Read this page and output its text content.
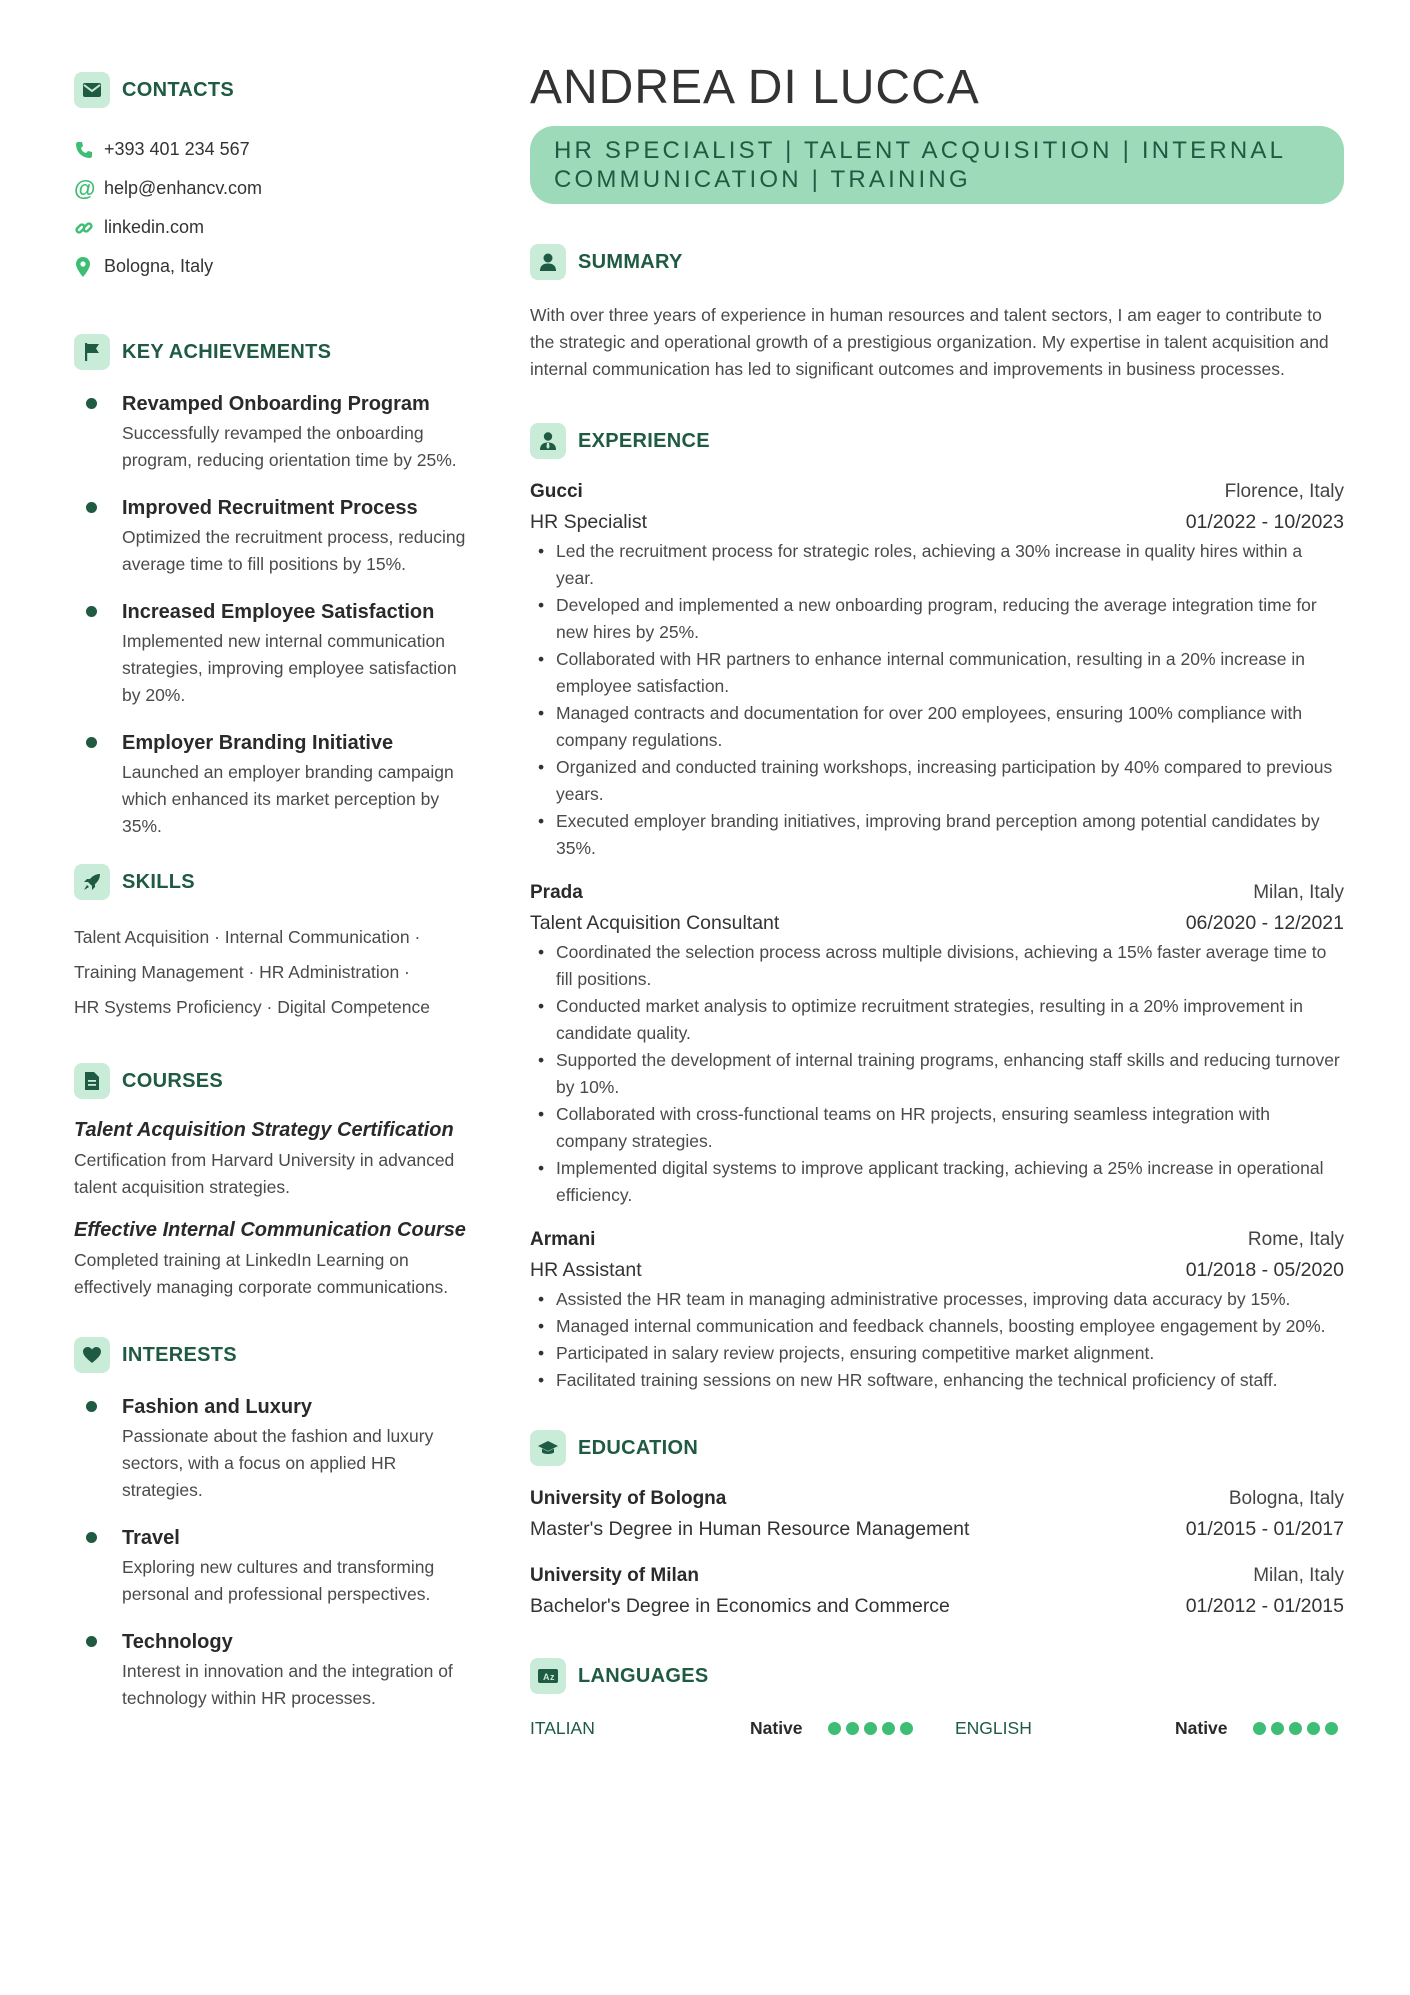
CONTACTS
+393 401 234 567
@ help@enhancv.com
linkedin.com
Bologna, Italy
KEY ACHIEVEMENTS
Revamped Onboarding Program
Successfully revamped the onboarding program, reducing orientation time by 25%.
Improved Recruitment Process
Optimized the recruitment process, reducing average time to fill positions by 15%.
Increased Employee Satisfaction
Implemented new internal communication strategies, improving employee satisfaction by 20%.
Employer Branding Initiative
Launched an employer branding campaign which enhanced its market perception by 35%.
SKILLS
Talent Acquisition · Internal Communication ·
Training Management · HR Administration ·
HR Systems Proficiency · Digital Competence
COURSES
Talent Acquisition Strategy Certification
Certification from Harvard University in advanced talent acquisition strategies.
Effective Internal Communication Course
Completed training at LinkedIn Learning on effectively managing corporate communications.
INTERESTS
Fashion and Luxury
Passionate about the fashion and luxury sectors, with a focus on applied HR strategies.
Travel
Exploring new cultures and transforming personal and professional perspectives.
Technology
Interest in innovation and the integration of technology within HR processes.
ANDREA DI LUCCA
HR SPECIALIST | TALENT ACQUISITION | INTERNAL COMMUNICATION | TRAINING
SUMMARY
With over three years of experience in human resources and talent sectors, I am eager to contribute to the strategic and operational growth of a prestigious organization. My expertise in talent acquisition and internal communication has led to significant outcomes and improvements in business processes.
EXPERIENCE
Gucci	Florence, Italy
HR Specialist	01/2022 - 10/2023
• Led the recruitment process for strategic roles, achieving a 30% increase in quality hires within a year.
• Developed and implemented a new onboarding program, reducing the average integration time for new hires by 25%.
• Collaborated with HR partners to enhance internal communication, resulting in a 20% increase in employee satisfaction.
• Managed contracts and documentation for over 200 employees, ensuring 100% compliance with company regulations.
• Organized and conducted training workshops, increasing participation by 40% compared to previous years.
• Executed employer branding initiatives, improving brand perception among potential candidates by 35%.
Prada	Milan, Italy
Talent Acquisition Consultant	06/2020 - 12/2021
• Coordinated the selection process across multiple divisions, achieving a 15% faster average time to fill positions.
• Conducted market analysis to optimize recruitment strategies, resulting in a 20% improvement in candidate quality.
• Supported the development of internal training programs, enhancing staff skills and reducing turnover by 10%.
• Collaborated with cross-functional teams on HR projects, ensuring seamless integration with company strategies.
• Implemented digital systems to improve applicant tracking, achieving a 25% increase in operational efficiency.
Armani	Rome, Italy
HR Assistant	01/2018 - 05/2020
• Assisted the HR team in managing administrative processes, improving data accuracy by 15%.
• Managed internal communication and feedback channels, boosting employee engagement by 20%.
• Participated in salary review projects, ensuring competitive market alignment.
• Facilitated training sessions on new HR software, enhancing the technical proficiency of staff.
EDUCATION
University of Bologna	Bologna, Italy
Master's Degree in Human Resource Management	01/2015 - 01/2017
University of Milan	Milan, Italy
Bachelor's Degree in Economics and Commerce	01/2012 - 01/2015
A z LANGUAGES
ITALIAN	Native	ENGLISH	Native
